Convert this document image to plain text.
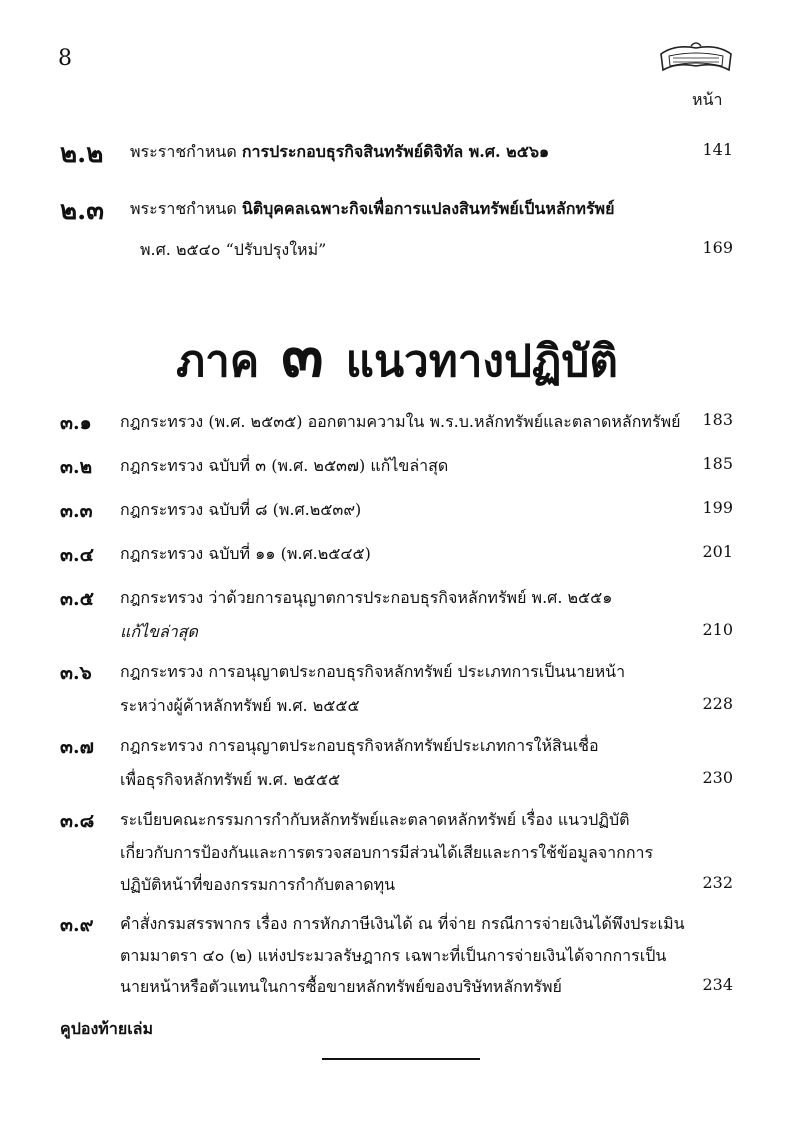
8
หน้า
๒.๒ พระราชกำหนด การประกอบธุรกิจสินทรัพย์ดิจิทัล พ.ศ. ๒๕๖๑	141
๒.๓ พระราชกำหนด นิติบุคคลเฉพาะกิจเพื่อการแปลงสินทรัพย์เป็นหลักทรัพย์
พ.ศ. ๒๕๔๐ “ปรับปรุงใหม่”	169
ภาค ๓ แนวทางปฏิบัติ
๓.๑ กฎกระทรวง (พ.ศ. ๒๕๓๕) ออกตามความใน พ.ร.บ.หลักทรัพย์และตลาดหลักทรัพย์	183
๓.๒ กฎกระทรวง ฉบับที่ ๓ (พ.ศ. ๒๕๓๗) แก้ไขล่าสุด	185
๓.๓ กฎกระทรวง ฉบับที่ ๘ (พ.ศ.๒๕๓๙)	199
๓.๔ กฎกระทรวง ฉบับที่ ๑๑ (พ.ศ.๒๕๔๕)	201
๓.๕ กฎกระทรวง ว่าด้วยการอนุญาตการประกอบธุรกิจหลักทรัพย์ พ.ศ. ๒๕๕๑
แก้ไขล่าสุด	210
๓.๖ กฎกระทรวง การอนุญาตประกอบธุรกิจหลักทรัพย์ ประเภทการเป็นนายหน้า
ระหว่างผู้ค้าหลักทรัพย์ พ.ศ. ๒๕๕๕	228
๓.๗ กฎกระทรวง การอนุญาตประกอบธุรกิจหลักทรัพย์ประเภทการให้สินเชื่อ
เพื่อธุรกิจหลักทรัพย์ พ.ศ. ๒๕๕๕	230
๓.๘ ระเบียบคณะกรรมการกำกับหลักทรัพย์และตลาดหลักทรัพย์ เรื่อง แนวปฏิบัติ
เกี่ยวกับการป้องกันและการตรวจสอบการมีส่วนได้เสียและการใช้ข้อมูลจากการ
ปฏิบัติหน้าที่ของกรรมการกำกับตลาดทุน	232
๓.๙ คำสั่งกรมสรรพากร เรื่อง การหักภาษีเงินได้ ณ ที่จ่าย กรณีการจ่ายเงินได้พึงประเมิน
ตามมาตรา ๔๐ (๒) แห่งประมวลรัษฎากร เฉพาะที่เป็นการจ่ายเงินได้จากการเป็น
นายหน้าหรือตัวแทนในการซื้อขายหลักทรัพย์ของบริษัทหลักทรัพย์	234
คูปองท้ายเล่ม
